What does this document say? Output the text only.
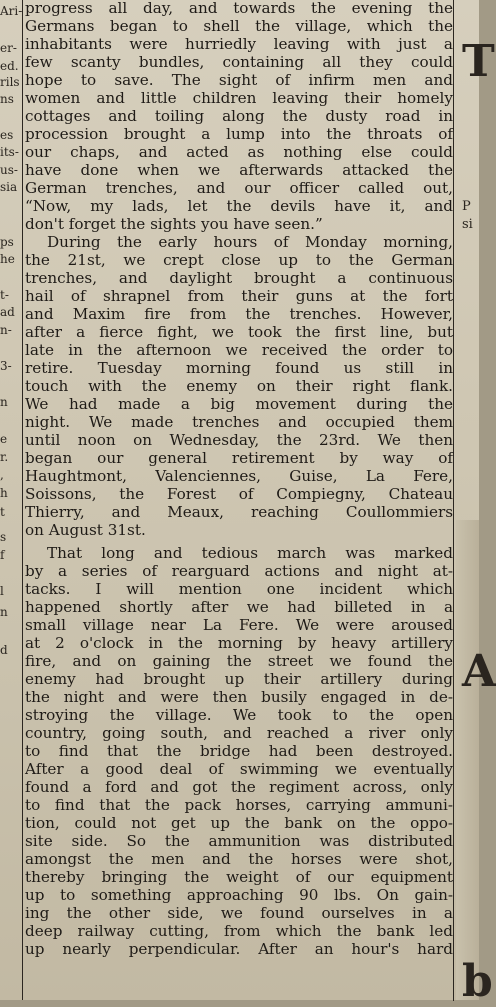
Ari-
er-
ed.
rils
ns
es
its-
us-
sia
ps
he
t-
ad
n-
3-
n
e
r.
,
h
t
s
f
l
n
d
progress all day, and towards the evening the
Germans began to shell the village, which the
inhabitants were hurriedly leaving with just a
few scanty bundles, containing all they could
hope to save. The sight of infirm men and
women and little children leaving their homely
cottages and toiling along the dusty road in
procession brought a lump into the throats of
our chaps, and acted as nothing else could
have done when we afterwards attacked the
German trenches, and our officer called out,
“Now, my lads, let the devils have it, and
don't forget the sights you have seen.”
During the early hours of Monday morning,
the 21st, we crept close up to the German
trenches, and daylight brought a continuous
hail of shrapnel from their guns at the fort
and Maxim fire from the trenches. However,
after a fierce fight, we took the first line, but
late in the afternoon we received the order to
retire. Tuesday morning found us still in
touch with the enemy on their right flank.
We had made a big movement during the
night. We made trenches and occupied them
until noon on Wednesday, the 23rd. We then
began our general retirement by way of
Haughtmont, Valenciennes, Guise, La Fere,
Soissons, the Forest of Compiegny, Chateau
Thierry, and Meaux, reaching Coullommiers
on August 31st.
That long and tedious march was marked
by a series of rearguard actions and night at-
tacks. I will mention one incident which
happened shortly after we had billeted in a
small village near La Fere. We were aroused
at 2 o'clock in the morning by heavy artillery
fire, and on gaining the street we found the
enemy had brought up their artillery during
the night and were then busily engaged in de-
stroying the village. We took to the open
country, going south, and reached a river only
to find that the bridge had been destroyed.
After a good deal of swimming we eventually
found a ford and got the regiment across, only
to find that the pack horses, carrying ammuni-
tion, could not get up the bank on the oppo-
site side. So the ammunition was distributed
amongst the men and the horses were shot,
thereby bringing the weight of our equipment
up to something approaching 90 lbs. On gain-
ing the other side, we found ourselves in a
deep railway cutting, from which the bank led
up nearly perpendicular. After an hour's hard
T
P
si
A
b
